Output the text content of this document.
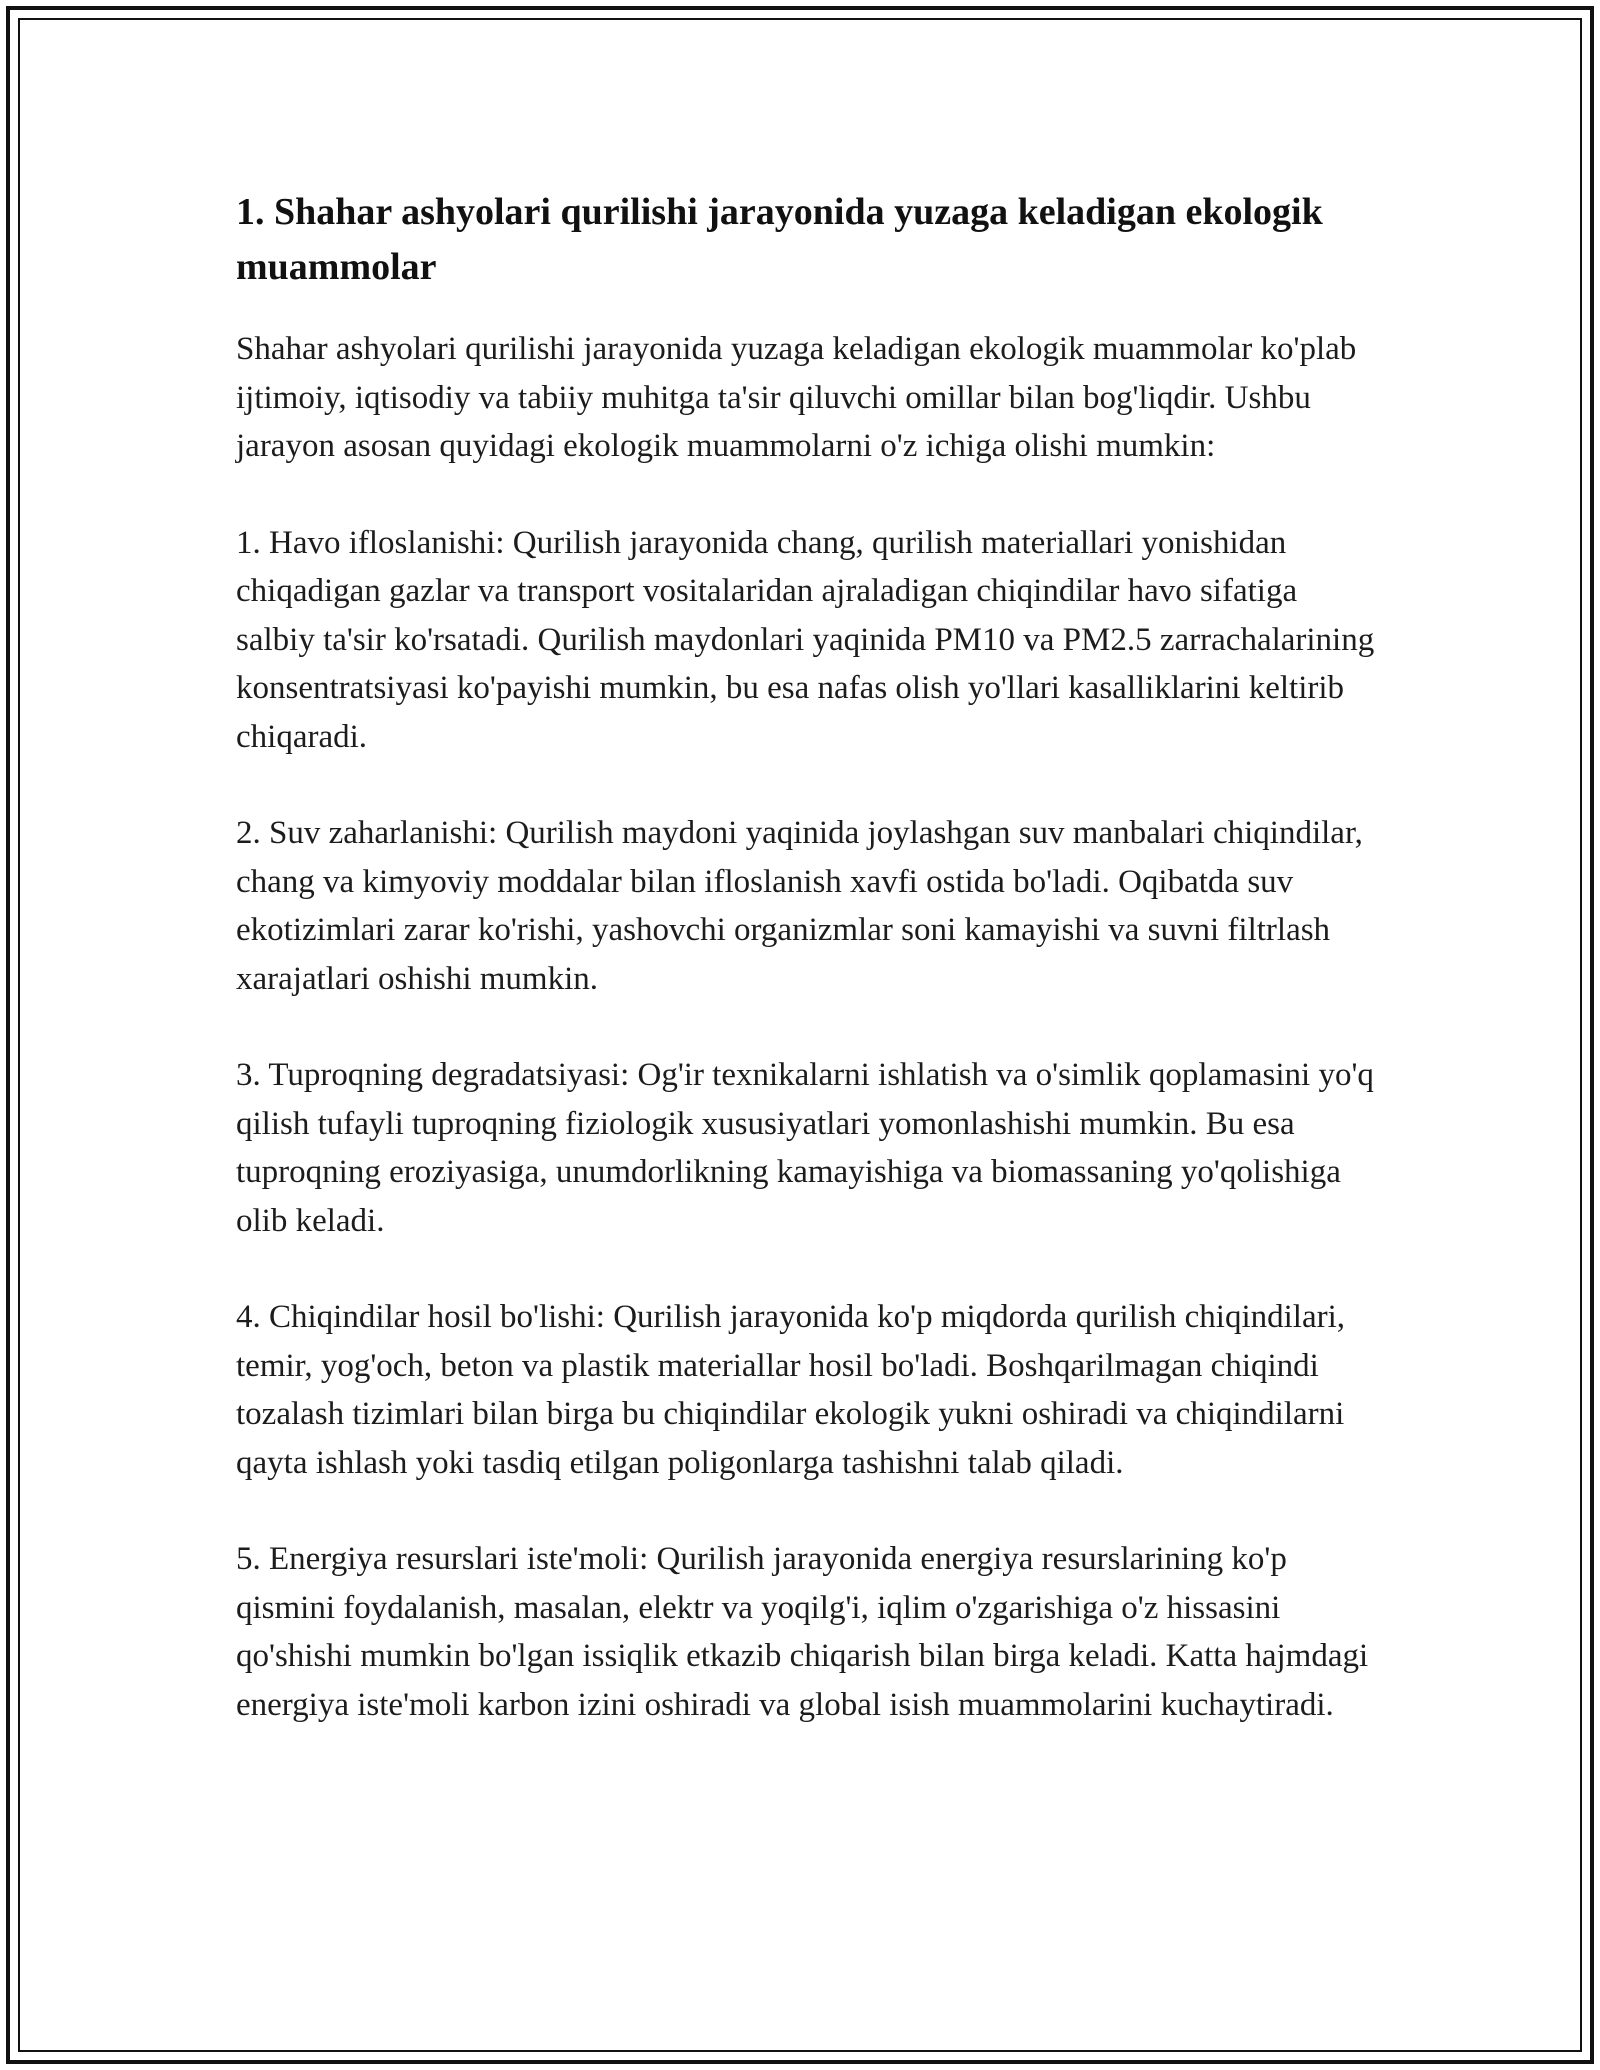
1. Shahar ashyolari qurilishi jarayonida yuzaga keladigan ekologik muammolar

Shahar ashyolari qurilishi jarayonida yuzaga keladigan ekologik muammolar ko'plab ijtimoiy, iqtisodiy va tabiiy muhitga ta'sir qiluvchi omillar bilan bog'liqdir. Ushbu jarayon asosan quyidagi ekologik muammolarni o'z ichiga olishi mumkin:

1. Havo ifloslanishi: Qurilish jarayonida chang, qurilish materiallari yonishidan chiqadigan gazlar va transport vositalaridan ajraladigan chiqindilar havo sifatiga salbiy ta'sir ko'rsatadi. Qurilish maydonlari yaqinida PM10 va PM2.5 zarrachalarining konsentratsiyasi ko'payishi mumkin, bu esa nafas olish yo'llari kasalliklarini keltirib chiqaradi.

2. Suv zaharlanishi: Qurilish maydoni yaqinida joylashgan suv manbalari chiqindilar, chang va kimyoviy moddalar bilan ifloslanish xavfi ostida bo'ladi. Oqibatda suv ekotizimlari zarar ko'rishi, yashovchi organizmlar soni kamayishi va suvni filtrlash xarajatlari oshishi mumkin.

3. Tuproqning degradatsiyasi: Og'ir texnikalarni ishlatish va o'simlik qoplamasini yo'q qilish tufayli tuproqning fiziologik xususiyatlari yomonlashishi mumkin. Bu esa tuproqning eroziyasiga, unumdorlikning kamayishiga va biomassaning yo'qolishiga olib keladi.

4. Chiqindilar hosil bo'lishi: Qurilish jarayonida ko'p miqdorda qurilish chiqindilari, temir, yog'och, beton va plastik materiallar hosil bo'ladi. Boshqarilmagan chiqindi tozalash tizimlari bilan birga bu chiqindilar ekologik yukni oshiradi va chiqindilarni qayta ishlash yoki tasdiq etilgan poligonlarga tashishni talab qiladi.

5. Energiya resurslari iste'moli: Qurilish jarayonida energiya resurslarining ko'p qismini foydalanish, masalan, elektr va yoqilg'i, iqlim o'zgarishiga o'z hissasini qo'shishi mumkin bo'lgan issiqlik etkazib chiqarish bilan birga keladi. Katta hajmdagi energiya iste'moli karbon izini oshiradi va global isish muammolarini kuchaytiradi.
